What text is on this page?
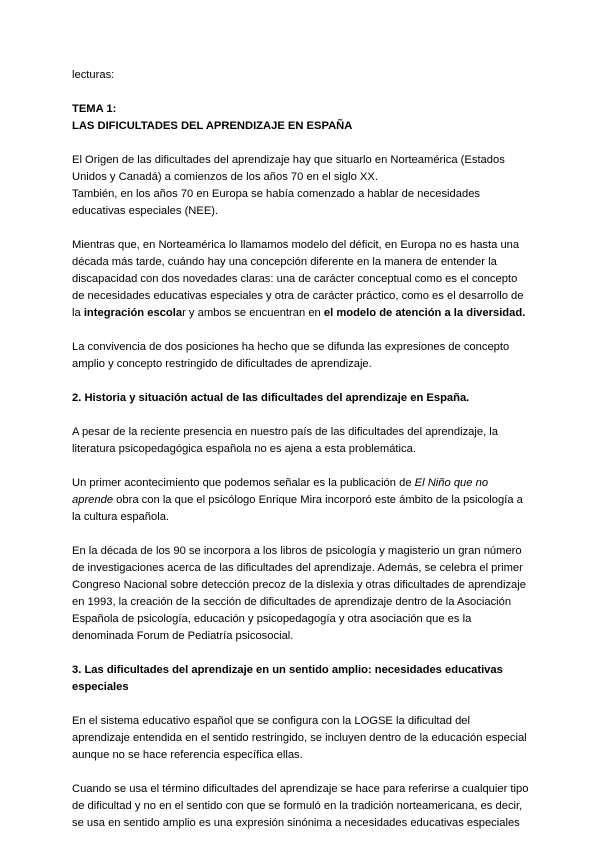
lecturas:

TEMA 1:

LAS DIFICULTADES DEL APRENDIZAJE EN ESPAÑA

El Origen de las dificultades del aprendizaje hay que situarlo en Norteamérica (Estados Unidos y Canadá) a comienzos de los años 70 en el siglo XX.

También, en los años 70 en Europa se había comenzado a hablar de necesidades educativas especiales (NEE).

Mientras que, en Norteamérica lo llamamos modelo del déficit, en Europa no es hasta una década más tarde, cuándo hay una concepción diferente en la manera de entender la discapacidad con dos novedades claras: una de carácter conceptual como es el concepto de necesidades educativas especiales y otra de carácter práctico, como es el desarrollo de la integración escolar y ambos se encuentran en el modelo de atención a la diversidad.

La convivencia de dos posiciones ha hecho que se difunda las expresiones de concepto amplio y concepto restringido de dificultades de aprendizaje.

2. Historia y situación actual de las dificultades del aprendizaje en España.

A pesar de la reciente presencia en nuestro país de las dificultades del aprendizaje, la literatura psicopedagógica española no es ajena a esta problemática.

Un primer acontecimiento que podemos señalar es la publicación de El Niño que no aprende obra con la que el psicólogo Enrique Mira incorporó este ámbito de la psicología a la cultura española.

En la década de los 90 se incorpora a los libros de psicología y magisterio un gran número de investigaciones acerca de las dificultades del aprendizaje. Además, se celebra el primer Congreso Nacional sobre detección precoz de la dislexia y otras dificultades de aprendizaje en 1993, la creación de la sección de dificultades de aprendizaje dentro de la Asociación Española de psicología, educación y psicopedagogía y otra asociación que es la denominada Forum de Pediatría psicosocial.

3. Las dificultades del aprendizaje en un sentido amplio: necesidades educativas especiales

En el sistema educativo español que se configura con la LOGSE la dificultad del aprendizaje entendida en el sentido restringido, se incluyen dentro de la educación especial aunque no se hace referencia específica ellas.

Cuando se usa el término dificultades del aprendizaje se hace para referirse a cualquier tipo de dificultad y no en el sentido con que se formuló en la tradición norteamericana, es decir, se usa en sentido amplio es una expresión sinónima a necesidades educativas especiales
